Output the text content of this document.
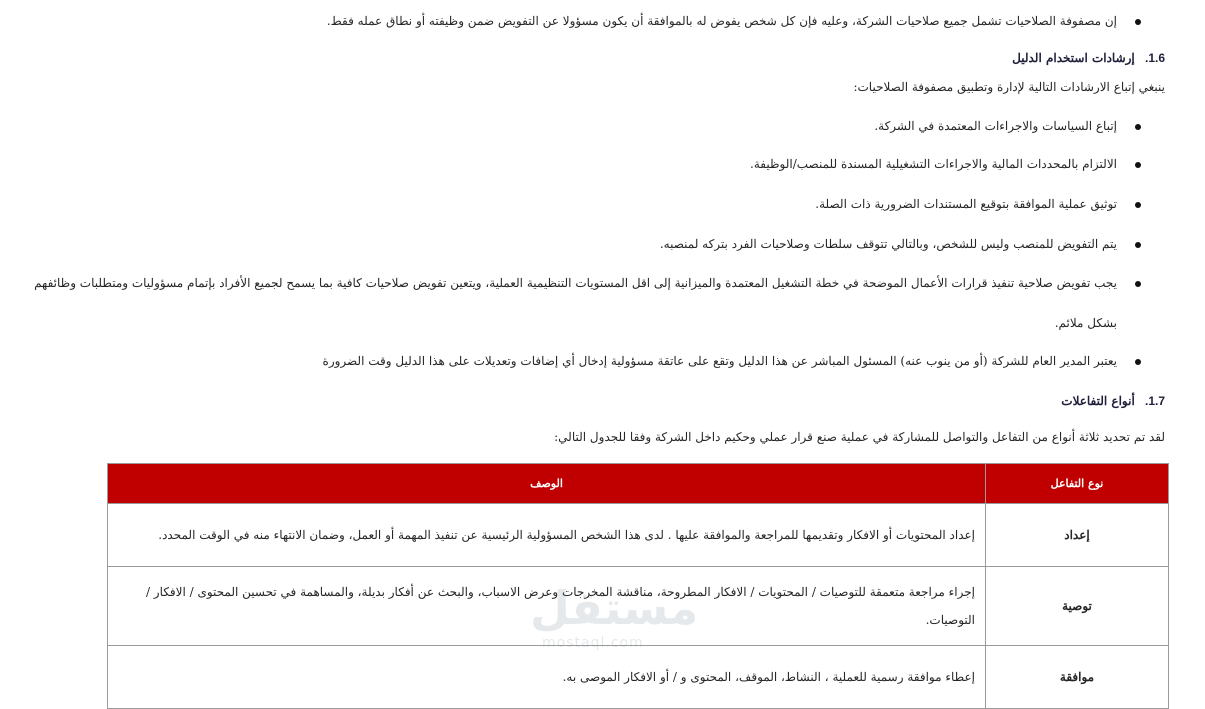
إن مصفوفة الصلاحيات تشمل جميع صلاحيات الشركة، وعليه فإن كل شخص يفوض له بالموافقة أن يكون مسؤولا عن التفويض ضمن وظيفته أو نطاق عمله فقط.
1.6. إرشادات استخدام الدليل
ينبغي إتباع الارشادات التالية لإدارة وتطبيق مصفوفة الصلاحيات:
إتباع السياسات والاجراءات المعتمدة في الشركة.
الالتزام بالمحددات المالية والاجراءات التشغيلية المسندة للمنصب/الوظيفة.
توثيق عملية الموافقة بتوقيع المستندات الضرورية ذات الصلة.
يتم التفويض للمنصب وليس للشخص، وبالتالي تتوقف سلطات وصلاحيات الفرد بتركه لمنصبه.
يجب تفويض صلاحية تنفيذ قرارات الأعمال الموضحة في خطة التشغيل المعتمدة والميزانية إلى اقل المستويات التنظيمية العملية، ويتعين تفويض صلاحيات كافية بما يسمح لجميع الأفراد بإتمام مسؤوليات ومتطلبات وظائفهم
بشكل ملائم.
يعتبر المدير العام للشركة (أو من ينوب عنه) المسئول المباشر عن هذا الدليل وتقع على عاتقة مسؤولية إدخال أي إضافات وتعديلات على هذا الدليل وقت الضرورة
1.7. أنواع التفاعلات
لقد تم تحديد ثلاثة أنواع من التفاعل والتواصل للمشاركة في عملية صنع قرار عملي وحكيم داخل الشركة وفقا للجدول التالي:
نوع التفاعل	الوصف
إعداد	إعداد المحتويات أو الافكار وتقديمها للمراجعة والموافقة عليها . لدى هذا الشخص المسؤولية الرئيسية عن تنفيذ المهمة أو العمل، وضمان الانتهاء منه في الوقت المحدد.
توصية	إجراء مراجعة متعمقة للتوصيات / المحتويات / الافكار المطروحة، مناقشة المخرجات وعرض الاسباب، والبحث عن أفكار بديلة، والمساهمة في تحسين المحتوى / الافكار / التوصيات.
موافقة	إعطاء موافقة رسمية للعملية ، النشاط، الموقف، المحتوى و / أو الافكار الموصى به.
مستقل
mostaql.com
